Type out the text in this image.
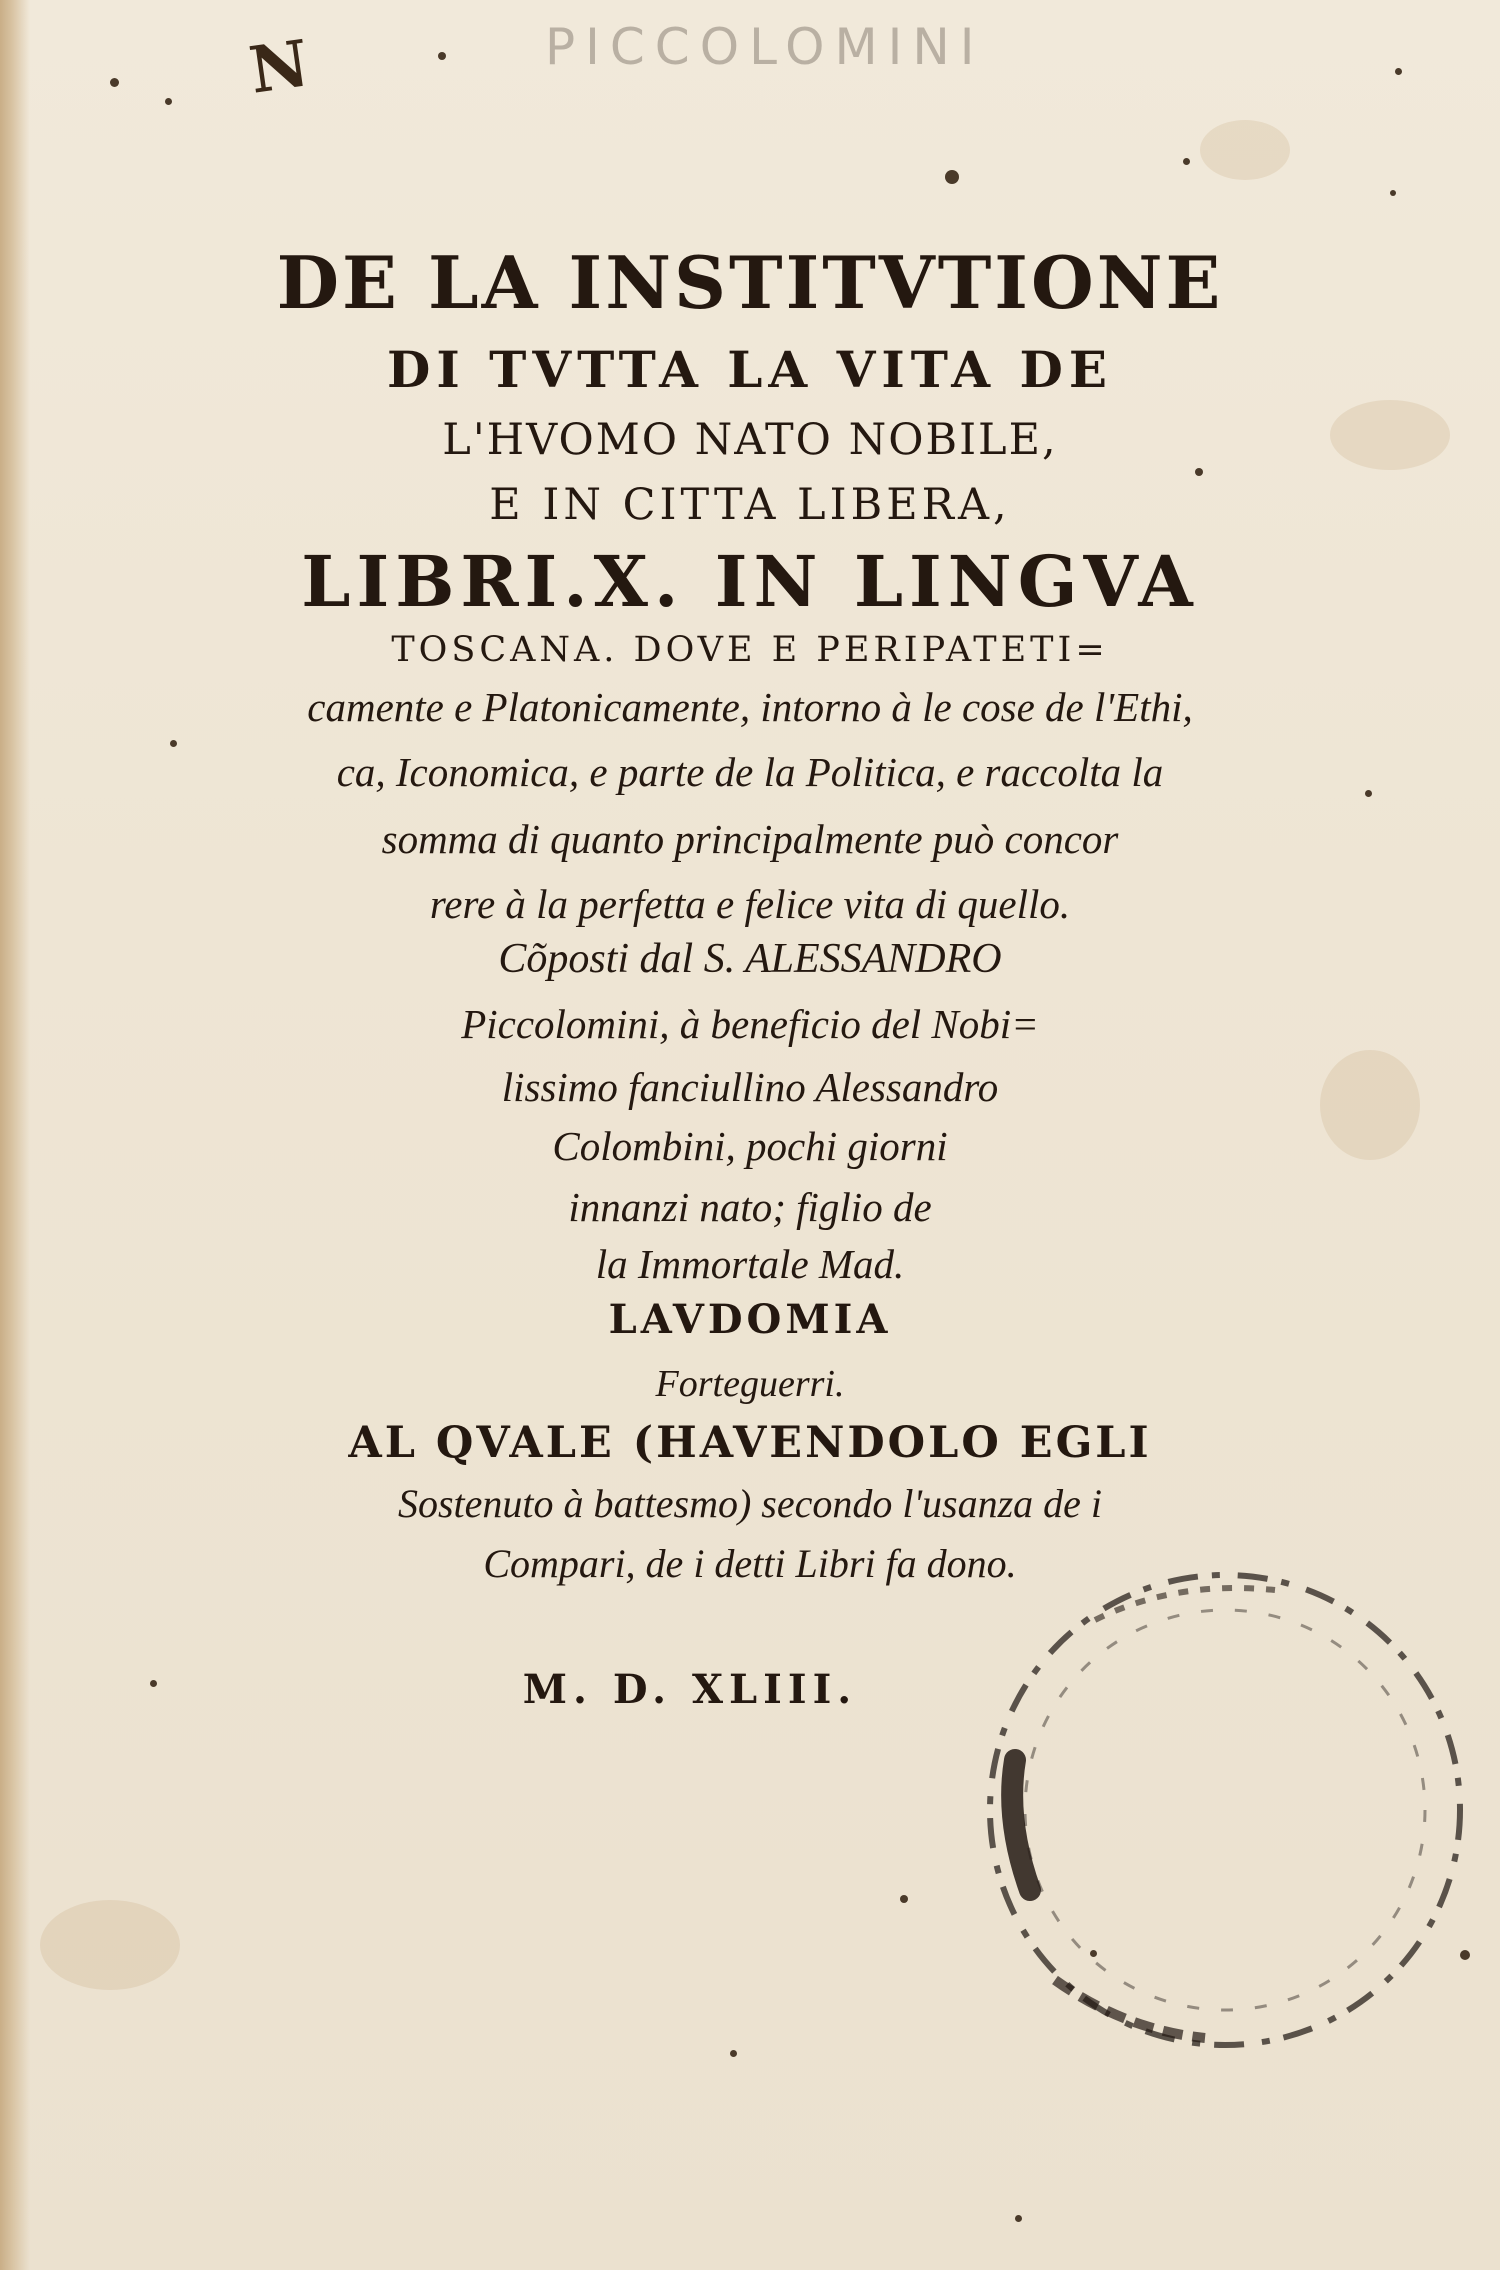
PICCOLOMINI
N
DE LA INSTITVTIONE
DI TVTTA LA VITA DE
L'HVOMO NATO NOBILE,
E IN CITTA LIBERA,
LIBRI.X. IN LINGVA
TOSCANA. DOVE E PERIPATETI=
camente e Platonicamente, intorno à le cose de l'Ethi,
ca, Iconomica, e parte de la Politica, e raccolta la
somma di quanto principalmente può concor
rere à la perfetta e felice vita di quello.
Cõposti dal S. ALESSANDRO
Piccolomini, à beneficio del Nobi=
lissimo fanciullino Alessandro
Colombini, pochi giorni
innanzi nato; figlio de
la Immortale Mad.
LAVDOMIA
Forteguerri.
AL QVALE (HAVENDOLO EGLI
Sostenuto à battesmo) secondo l'usanza de i
Compari, de i detti Libri fa dono.
M. D. XLIII.
